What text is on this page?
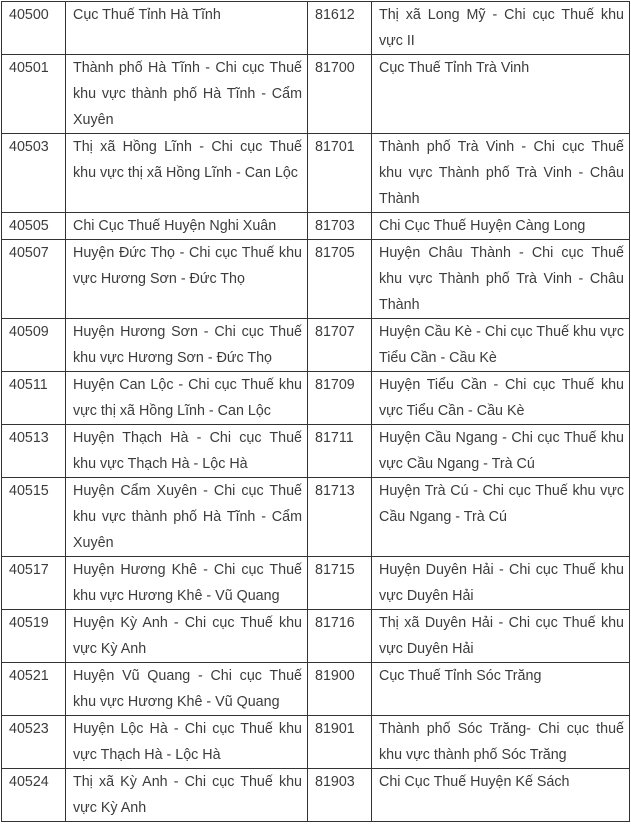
40500	Cục Thuế Tỉnh Hà Tĩnh	81612	Thị xã Long Mỹ - Chi cục Thuế khu vực II
40501	Thành phố Hà Tĩnh - Chi cục Thuế khu vực thành phố Hà Tĩnh - Cẩm Xuyên	81700	Cục Thuế Tỉnh Trà Vinh
40503	Thị xã Hồng Lĩnh - Chi cục Thuế khu vực thị xã Hồng Lĩnh - Can Lộc	81701	Thành phố Trà Vinh - Chi cục Thuế khu vực Thành phố Trà Vinh - Châu Thành
40505	Chi Cục Thuế Huyện Nghi Xuân	81703	Chi Cục Thuế Huyện Càng Long
40507	Huyện Đức Thọ - Chi cục Thuế khu vực Hương Sơn - Đức Thọ	81705	Huyện Châu Thành - Chi cục Thuế khu vực Thành phố Trà Vinh - Châu Thành
40509	Huyện Hương Sơn - Chi cục Thuế khu vực Hương Sơn - Đức Thọ	81707	Huyện Cầu Kè - Chi cục Thuế khu vực Tiểu Cần - Cầu Kè
40511	Huyện Can Lộc - Chi cục Thuế khu vực thị xã Hồng Lĩnh - Can Lộc	81709	Huyện Tiểu Cần - Chi cục Thuế khu vực Tiểu Cần - Cầu Kè
40513	Huyện Thạch Hà - Chi cục Thuế khu vực Thạch Hà - Lộc Hà	81711	Huyện Cầu Ngang - Chi cục Thuế khu vực Cầu Ngang - Trà Cú
40515	Huyện Cẩm Xuyên - Chi cục Thuế khu vực thành phố Hà Tĩnh - Cẩm Xuyên	81713	Huyện Trà Cú - Chi cục Thuế khu vực Cầu Ngang - Trà Cú
40517	Huyện Hương Khê - Chi cục Thuế khu vực Hương Khê - Vũ Quang	81715	Huyện Duyên Hải - Chi cục Thuế khu vực Duyên Hải
40519	Huyện Kỳ Anh - Chi cục Thuế khu vực Kỳ Anh	81716	Thị xã Duyên Hải - Chi cục Thuế khu vực Duyên Hải
40521	Huyện Vũ Quang - Chi cục Thuế khu vực Hương Khê - Vũ Quang	81900	Cục Thuế Tỉnh Sóc Trăng
40523	Huyện Lộc Hà - Chi cục Thuế khu vực Thạch Hà - Lộc Hà	81901	Thành phố Sóc Trăng- Chi cục thuế khu vực thành phố Sóc Trăng
40524	Thị xã Kỳ Anh - Chi cục Thuế khu vực Kỳ Anh	81903	Chi Cục Thuế Huyện Kế Sách
